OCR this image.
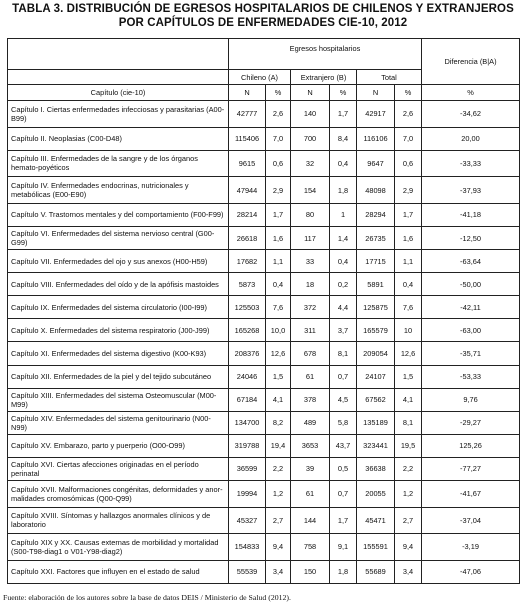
TABLA 3. DISTRIBUCIÓN DE EGRESOS HOSPITALARIOS DE CHILENOS Y EXTRANJEROS
POR CAPÍTULOS DE ENFERMEDADES CIE-10, 2012
	Egresos hospitalarios						Diferencia (B|A)
	Chileno (A)		Extranjero (B)		Total		
Capítulo (cie-10)	N	%	N	%	N	%	%
Capítulo I. Ciertas enfermedades infecciosas y parasitarias (A00-B99)	42777	2,6	140	1,7	42917	2,6	-34,62
Capítulo II. Neoplasias (C00-D48)	115406	7,0	700	8,4	116106	7,0	20,00
Capítulo III. Enfermedades de la sangre y de los órganos hemato-poyéticos	9615	0,6	32	0,4	9647	0,6	-33,33
Capítulo IV. Enfermedades endocrinas, nutricionales y metabólicas (E00-E90)	47944	2,9	154	1,8	48098	2,9	-37,93
Capítulo V. Trastornos mentales y del comportamiento (F00-F99)	28214	1,7	80	1	28294	1,7	-41,18
Capítulo VI. Enfermedades del sistema nervioso central (G00-G99)	26618	1,6	117	1,4	26735	1,6	-12,50
Capítulo VII. Enfermedades del ojo y sus anexos (H00-H59)	17682	1,1	33	0,4	17715	1,1	-63,64
Capítulo VIII. Enfermedades del oído y de la apófisis mastoides	5873	0,4	18	0,2	5891	0,4	-50,00
Capítulo IX. Enfermedades del sistema circulatorio (I00-I99)	125503	7,6	372	4,4	125875	7,6	-42,11
Capítulo X. Enfermedades del sistema respiratorio (J00-J99)	165268	10,0	311	3,7	165579	10	-63,00
Capítulo XI. Enfermedades del sistema digestivo (K00-K93)	208376	12,6	678	8,1	209054	12,6	-35,71
Capítulo XII. Enfermedades de la piel y del tejido subcutáneo	24046	1,5	61	0,7	24107	1,5	-53,33
Capítulo XIII. Enfermedades del sistema Osteomuscular (M00-M99)	67184	4,1	378	4,5	67562	4,1	9,76
Capítulo XIV. Enfermedades del sistema genitourinario (N00-N99)	134700	8,2	489	5,8	135189	8,1	-29,27
Capítulo XV. Embarazo, parto y puerperio (O00-O99)	319788	19,4	3653	43,7	323441	19,5	125,26
Capítulo XVI. Ciertas afecciones originadas en el período perinatal	36599	2,2	39	0,5	36638	2,2	-77,27
Capítulo XVII. Malformaciones congénitas, deformidades y anor-malidades cromosómicas (Q00-Q99)	19994	1,2	61	0,7	20055	1,2	-41,67
Capítulo XVIII. Síntomas y hallazgos anormales clínicos y de laboratorio	45327	2,7	144	1,7	45471	2,7	-37,04
Capítulo XIX y XX. Causas externas de morbilidad y mortalidad (S00-T98-diag1 o V01-Y98-diag2)	154833	9,4	758	9,1	155591	9,4	-3,19
Capítulo XXI. Factores que influyen en el estado de salud	55539	3,4	150	1,8	55689	3,4	-47,06
Fuente: elaboración de los autores sobre la base de datos DEIS / Ministerio de Salud (2012).
